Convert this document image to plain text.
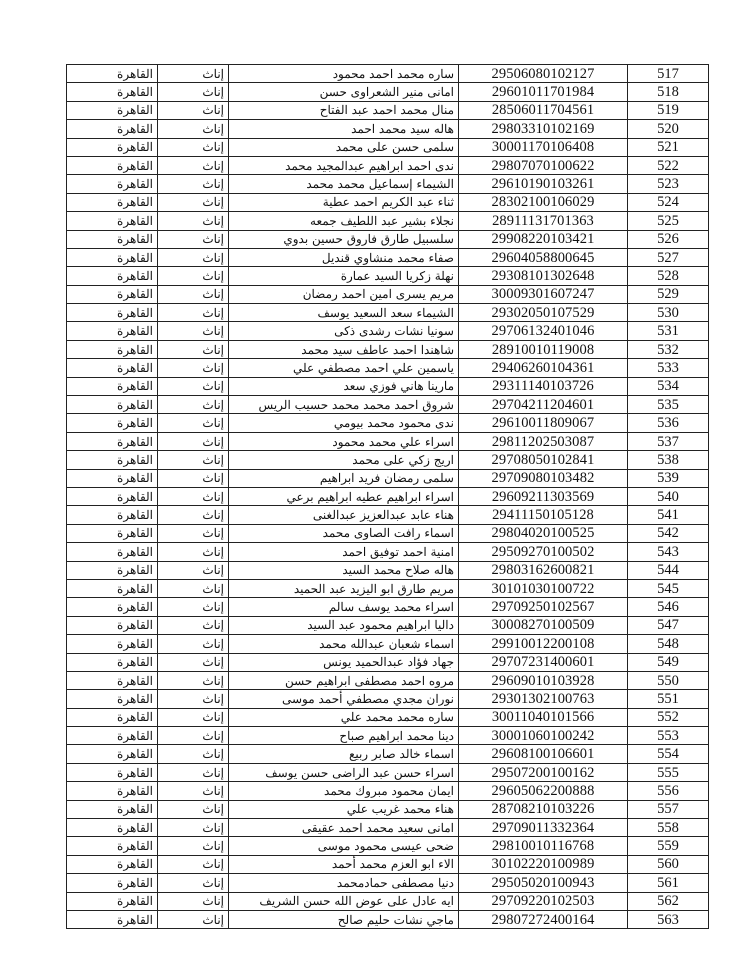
القاهرة	إناث	ساره محمد احمد محمود	29506080102127	517
القاهرة	إناث	امانى منير الشعراوى حسن	29601011701984	518
القاهرة	إناث	منال محمد احمد عبد الفتاح	28506011704561	519
القاهرة	إناث	هاله سيد محمد احمد	29803310102169	520
القاهرة	إناث	سلمى حسن على محمد	30001170106408	521
القاهرة	إناث	ندى احمد ابراهيم عبدالمجيد محمد	29807070100622	522
القاهرة	إناث	الشيماء إسماعيل محمد محمد	29610190103261	523
القاهرة	إناث	ثناء عبد الكريم احمد عطية	28302100106029	524
القاهرة	إناث	نجلاء بشير عبد اللطيف جمعه	28911131701363	525
القاهرة	إناث	سلسبيل طارق فاروق حسين بدوي	29908220103421	526
القاهرة	إناث	صفاء محمد منشاوي قنديل	29604058800645	527
القاهرة	إناث	نهلة زكريا السيد عمارة	29308101302648	528
القاهرة	إناث	مريم يسرى امين احمد رمضان	30009301607247	529
القاهرة	إناث	الشيماء سعد السعيد يوسف	29302050107529	530
القاهرة	إناث	سونيا نشات رشدى ذكى	29706132401046	531
القاهرة	إناث	شاهندا احمد عاطف سيد محمد	28910010119008	532
القاهرة	إناث	ياسمين علي احمد مصطفي علي	29406260104361	533
القاهرة	إناث	مارينا هاني فوزي سعد	29311140103726	534
القاهرة	إناث	شروق احمد محمد محمد حسيب الريس	29704211204601	535
القاهرة	إناث	ندى محمود محمد بيومي	29610011809067	536
القاهرة	إناث	اسراء علي محمد محمود	29811202503087	537
القاهرة	إناث	اريج زكي على محمد	29708050102841	538
القاهرة	إناث	سلمى رمضان فريد ابراهيم	29709080103482	539
القاهرة	إناث	اسراء ابراهيم عطيه ابراهيم برعي	29609211303569	540
القاهرة	إناث	هناء عابد عبدالعزيز عبدالغنى	29411150105128	541
القاهرة	إناث	اسماء رافت الصاوى محمد	29804020100525	542
القاهرة	إناث	امنية احمد توفيق احمد	29509270100502	543
القاهرة	إناث	هاله صلاح محمد السيد	29803162600821	544
القاهرة	إناث	مريم طارق ابو اليزيد عبد الحميد	30101030100722	545
القاهرة	إناث	اسراء محمد يوسف سالم	29709250102567	546
القاهرة	إناث	داليا ابراهيم محمود عبد السيد	30008270100509	547
القاهرة	إناث	اسماء شعبان عبدالله محمد	29910012200108	548
القاهرة	إناث	جهاد فؤاد عبدالحميد يونس	29707231400601	549
القاهرة	إناث	مروه احمد مصطفى ابراهيم حسن	29609010103928	550
القاهرة	إناث	نوران مجدي مصطفي أحمد موسى	29301302100763	551
القاهرة	إناث	ساره محمد محمد علي	30011040101566	552
القاهرة	إناث	دينا محمد ابراهيم صباح	30001060100242	553
القاهرة	إناث	اسماء خالد صابر ربيع	29608100106601	554
القاهرة	إناث	اسراء حسن عبد الراضى حسن يوسف	29507200100162	555
القاهرة	إناث	ايمان محمود مبروك محمد	29605062200888	556
القاهرة	إناث	هناء محمد غريب علي	28708210103226	557
القاهرة	إناث	امانى سعيد محمد احمد عقيقى	29709011332364	558
القاهرة	إناث	ضحى عيسى محمود موسى	29810010116768	559
القاهرة	إناث	الاء ابو العزم محمد أحمد	30102220100989	560
القاهرة	إناث	دنيا مصطفى حمادمحمد	29505020100943	561
القاهرة	إناث	ايه عادل على عوض الله حسن الشريف	29709220102503	562
القاهرة	إناث	ماجي نشات حليم صالح	29807272400164	563
